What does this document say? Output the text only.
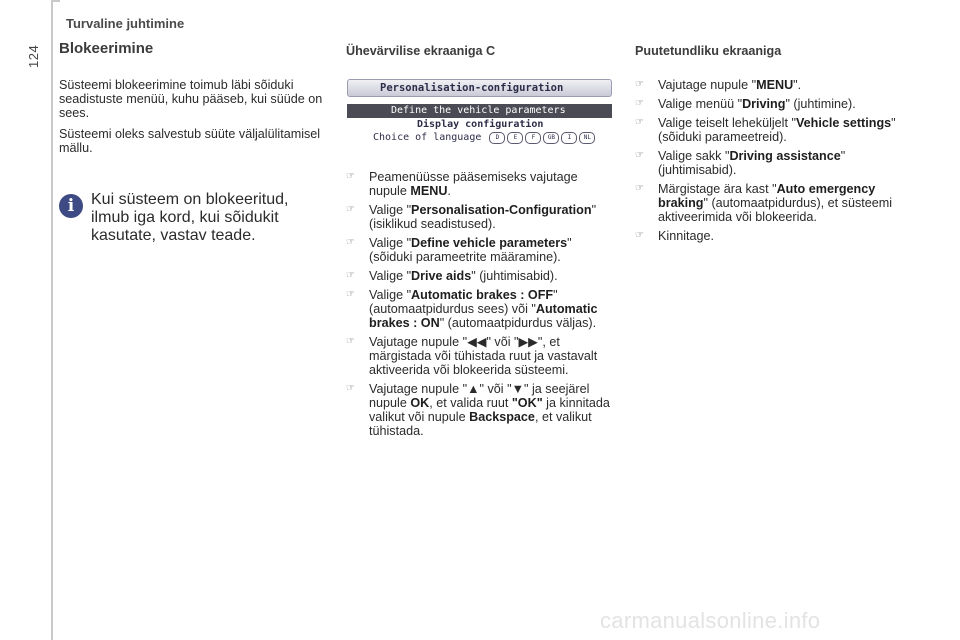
124
Turvaline juhtimine
Blokeerimine

Süsteemi blokeerimine toimub läbi sõiduki seadistuste menüü, kuhu pääseb, kui süüde on sees.

Süsteemi oleks salvestub süüte väljalülitamisel mällu.

i	Kui süsteem on blokeeritud, ilmub iga kord, kui sõidukit kasutate, vastav teade.
Ühevärvilise ekraaniga C
Personalisation-configuration
Define the vehicle parameters
Display configuration
Choice of language D E F GB I NL
☞ Peamenüüsse pääsemiseks vajutage nupule MENU.
☞ Valige "Personalisation-Configuration" (isiklikud seadistused).
☞ Valige "Define vehicle parameters" (sõiduki parameetrite määramine).
☞ Valige "Drive aids" (juhtimisabid).
☞ Valige "Automatic brakes : OFF" (automaatpidurdus sees) või "Automatic brakes : ON" (automaatpidurdus väljas).
☞ Vajutage nupule "◀◀" või "▶▶", et märgistada või tühistada ruut ja vastavalt aktiveerida või blokeerida süsteemi.
☞ Vajutage nupule "▲" või "▼" ja seejärel nupule OK, et valida ruut "OK" ja kinnitada valikut või nupule Backspace, et valikut tühistada.
Puutetundliku ekraaniga
☞ Vajutage nupule "MENU".
☞ Valige menüü "Driving" (juhtimine).
☞ Valige teiselt leheküljelt "Vehicle settings" (sõiduki parameetreid).
☞ Valige sakk "Driving assistance" (juhtimisabid).
☞ Märgistage ära kast "Auto emergency braking" (automaatpidurdus), et süsteemi aktiveerimida või blokeerida.
☞ Kinnitage.
carmanualsonline.info
